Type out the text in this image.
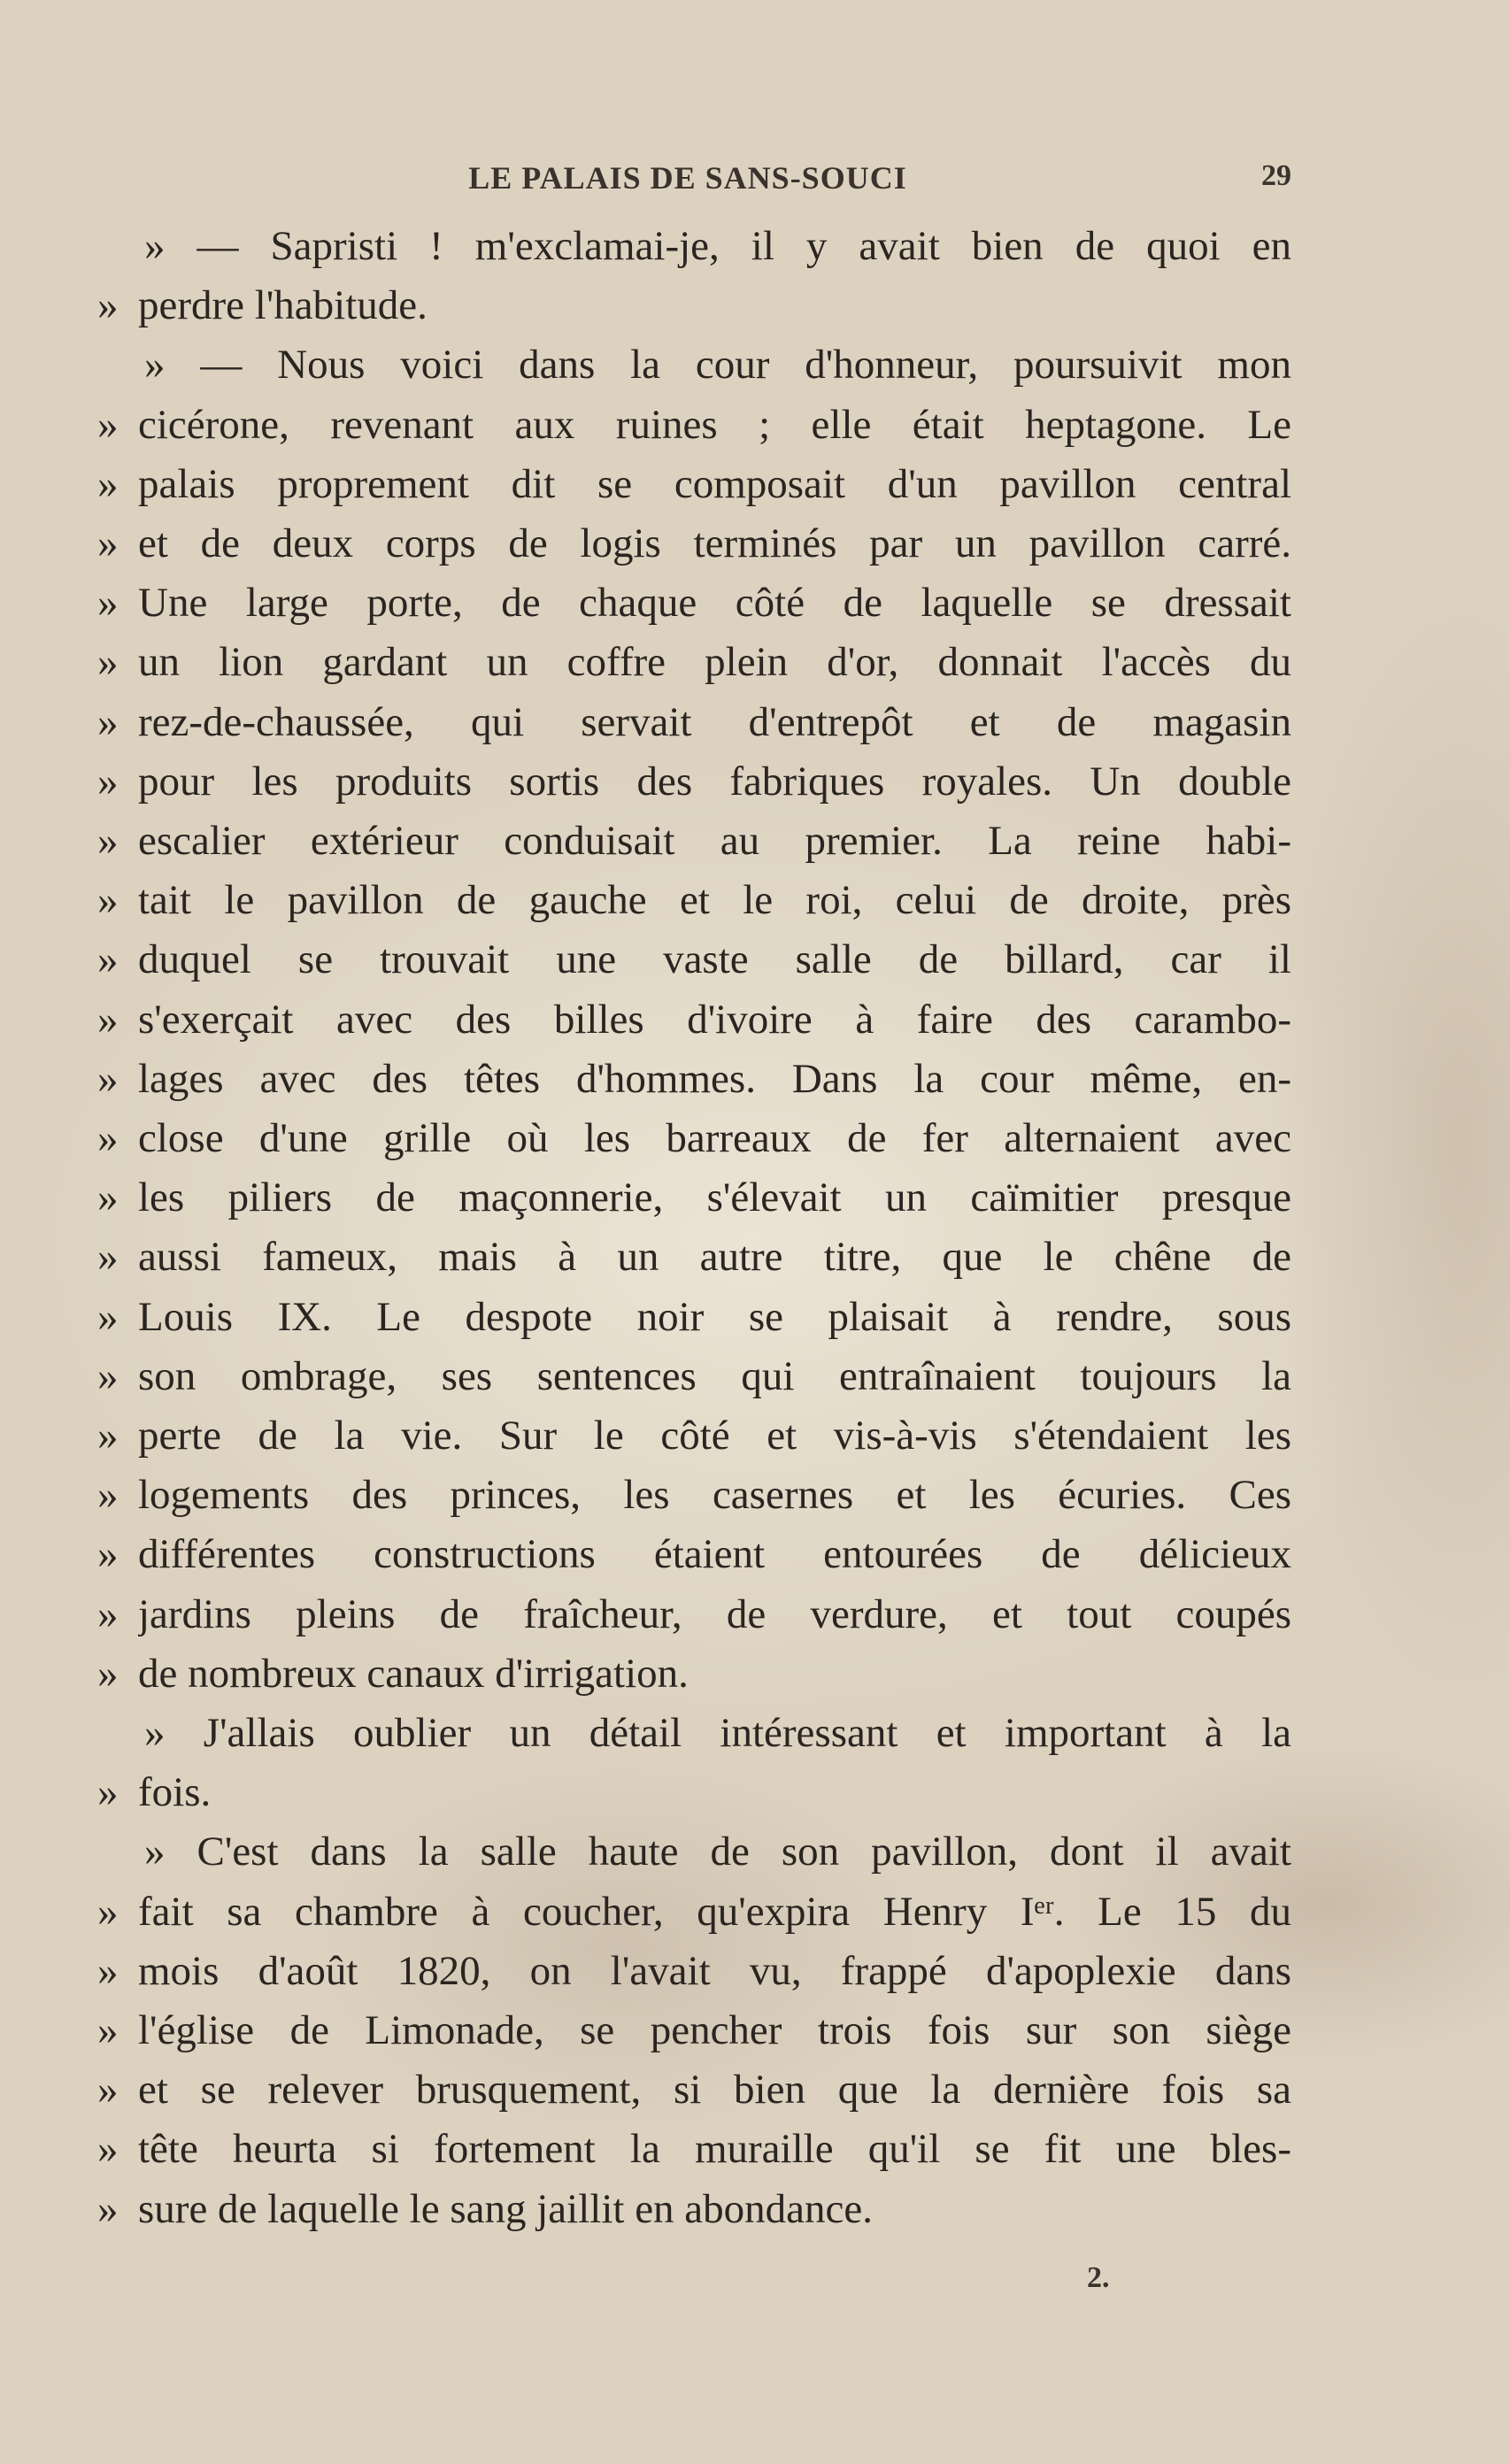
LE PALAIS DE SANS-SOUCI	29
» — Sapristi ! m'exclamai-je, il y avait bien de quoi en
» perdre l'habitude.
» — Nous voici dans la cour d'honneur, poursuivit mon
» cicérone, revenant aux ruines ; elle était heptagone. Le
» palais proprement dit se composait d'un pavillon central
» et de deux corps de logis terminés par un pavillon carré.
» Une large porte, de chaque côté de laquelle se dressait
» un lion gardant un coffre plein d'or, donnait l'accès du
» rez-de-chaussée, qui servait d'entrepôt et de magasin
» pour les produits sortis des fabriques royales. Un double
» escalier extérieur conduisait au premier. La reine habi-
» tait le pavillon de gauche et le roi, celui de droite, près
» duquel se trouvait une vaste salle de billard, car il
» s'exerçait avec des billes d'ivoire à faire des carambo-
» lages avec des têtes d'hommes. Dans la cour même, en-
» close d'une grille où les barreaux de fer alternaient avec
» les piliers de maçonnerie, s'élevait un caïmitier presque
» aussi fameux, mais à un autre titre, que le chêne de
» Louis IX. Le despote noir se plaisait à rendre, sous
» son ombrage, ses sentences qui entraînaient toujours la
» perte de la vie. Sur le côté et vis-à-vis s'étendaient les
» logements des princes, les casernes et les écuries. Ces
» différentes constructions étaient entourées de délicieux
» jardins pleins de fraîcheur, de verdure, et tout coupés
» de nombreux canaux d'irrigation.
» J'allais oublier un détail intéressant et important à la
» fois.
» C'est dans la salle haute de son pavillon, dont il avait
» fait sa chambre à coucher, qu'expira Henry Iᵉʳ. Le 15 du
» mois d'août 1820, on l'avait vu, frappé d'apoplexie dans
» l'église de Limonade, se pencher trois fois sur son siège
» et se relever brusquement, si bien que la dernière fois sa
» tête heurta si fortement la muraille qu'il se fit une bles-
» sure de laquelle le sang jaillit en abondance.
2.
